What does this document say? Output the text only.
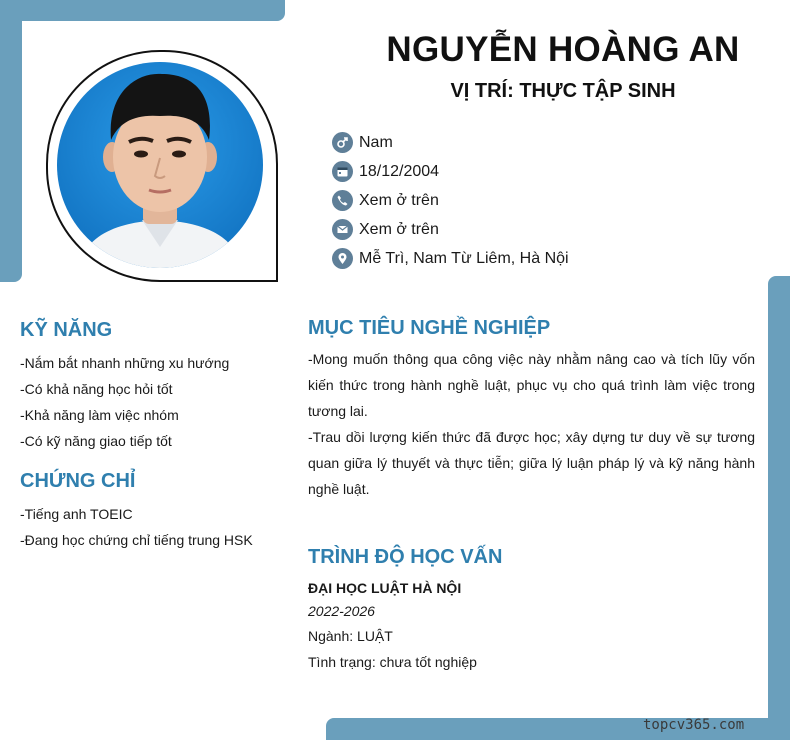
NGUYỄN HOÀNG AN
VỊ TRÍ: THỰC TẬP SINH
Nam
18/12/2004
Xem ở trên
Xem ở trên
Mễ Trì, Nam Từ Liêm, Hà Nội
KỸ NĂNG
-Nắm bắt nhanh những xu hướng
-Có khả năng học hỏi tốt
-Khả năng làm việc nhóm
-Có kỹ năng giao tiếp tốt
CHỨNG CHỈ
-Tiếng anh TOEIC
-Đang học chứng chỉ tiếng trung HSK
MỤC TIÊU NGHỀ NGHIỆP

-Mong muốn thông qua công việc này nhằm nâng cao và tích lũy vốn kiến thức trong hành nghề luật, phục vụ cho quá trình làm việc trong tương lai.

-Trau dồi lượng kiến thức đã được học; xây dựng tư duy về sự tương quan giữa lý thuyết và thực tiễn; giữa lý luận pháp lý và kỹ năng hành nghề luật.

TRÌNH ĐỘ HỌC VẤN
ĐẠI HỌC LUẬT HÀ NỘI
2022-2026
Ngành: LUẬT
Tình trạng: chưa tốt nghiệp
topcv365.com
